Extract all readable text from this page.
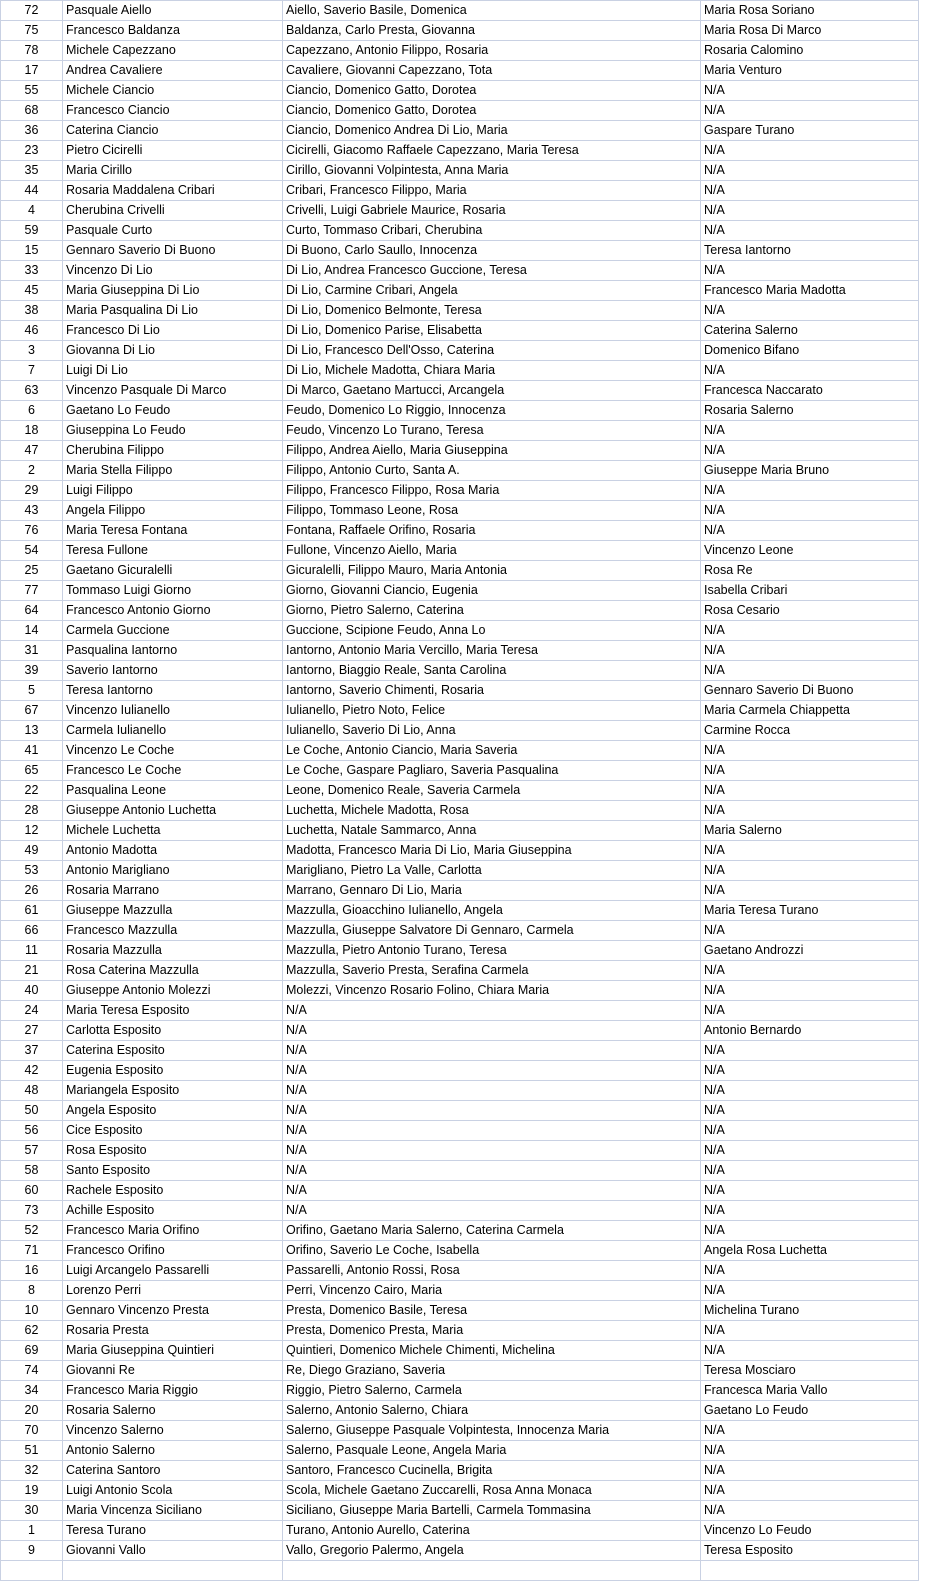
72	Pasquale Aiello	Aiello, Saverio Basile, Domenica	Maria Rosa Soriano
75	Francesco Baldanza	Baldanza, Carlo Presta, Giovanna	Maria Rosa Di Marco
78	Michele Capezzano	Capezzano, Antonio Filippo, Rosaria	Rosaria Calomino
17	Andrea Cavaliere	Cavaliere, Giovanni Capezzano, Tota	Maria Venturo
55	Michele Ciancio	Ciancio, Domenico Gatto, Dorotea	N/A
68	Francesco Ciancio	Ciancio, Domenico Gatto, Dorotea	N/A
36	Caterina Ciancio	Ciancio, Domenico Andrea Di Lio, Maria	Gaspare Turano
23	Pietro Cicirelli	Cicirelli, Giacomo Raffaele Capezzano, Maria Teresa	N/A
35	Maria Cirillo	Cirillo, Giovanni Volpintesta, Anna Maria	N/A
44	Rosaria Maddalena Cribari	Cribari, Francesco Filippo, Maria	N/A
4	Cherubina Crivelli	Crivelli, Luigi Gabriele Maurice, Rosaria	N/A
59	Pasquale Curto	Curto, Tommaso Cribari, Cherubina	N/A
15	Gennaro Saverio Di Buono	Di Buono, Carlo Saullo, Innocenza	Teresa Iantorno
33	Vincenzo Di Lio	Di Lio, Andrea Francesco Guccione, Teresa	N/A
45	Maria Giuseppina Di Lio	Di Lio, Carmine Cribari, Angela	Francesco Maria Madotta
38	Maria Pasqualina Di Lio	Di Lio, Domenico Belmonte, Teresa	N/A
46	Francesco Di Lio	Di Lio, Domenico Parise, Elisabetta	Caterina Salerno
3	Giovanna Di Lio	Di Lio, Francesco Dell'Osso, Caterina	Domenico Bifano
7	Luigi Di Lio	Di Lio, Michele Madotta, Chiara Maria	N/A
63	Vincenzo Pasquale Di Marco	Di Marco, Gaetano Martucci, Arcangela	Francesca Naccarato
6	Gaetano Lo Feudo	Feudo, Domenico Lo Riggio, Innocenza	Rosaria Salerno
18	Giuseppina Lo Feudo	Feudo, Vincenzo Lo Turano, Teresa	N/A
47	Cherubina Filippo	Filippo, Andrea Aiello, Maria Giuseppina	N/A
2	Maria Stella Filippo	Filippo, Antonio Curto, Santa A.	Giuseppe Maria Bruno
29	Luigi Filippo	Filippo, Francesco Filippo, Rosa Maria	N/A
43	Angela Filippo	Filippo, Tommaso Leone, Rosa	N/A
76	Maria Teresa Fontana	Fontana, Raffaele Orifino, Rosaria	N/A
54	Teresa Fullone	Fullone, Vincenzo Aiello, Maria	Vincenzo Leone
25	Gaetano Gicuralelli	Gicuralelli, Filippo Mauro, Maria Antonia	Rosa Re
77	Tommaso Luigi Giorno	Giorno, Giovanni Ciancio, Eugenia	Isabella Cribari
64	Francesco Antonio Giorno	Giorno, Pietro Salerno, Caterina	Rosa Cesario
14	Carmela Guccione	Guccione, Scipione Feudo, Anna Lo	N/A
31	Pasqualina Iantorno	Iantorno, Antonio Maria Vercillo, Maria Teresa	N/A
39	Saverio Iantorno	Iantorno, Biaggio Reale, Santa Carolina	N/A
5	Teresa Iantorno	Iantorno, Saverio Chimenti, Rosaria	Gennaro Saverio Di Buono
67	Vincenzo Iulianello	Iulianello, Pietro Noto, Felice	Maria Carmela Chiappetta
13	Carmela Iulianello	Iulianello, Saverio Di Lio, Anna	Carmine Rocca
41	Vincenzo Le Coche	Le Coche, Antonio Ciancio, Maria Saveria	N/A
65	Francesco Le Coche	Le Coche, Gaspare Pagliaro, Saveria Pasqualina	N/A
22	Pasqualina Leone	Leone, Domenico Reale, Saveria Carmela	N/A
28	Giuseppe Antonio Luchetta	Luchetta, Michele Madotta, Rosa	N/A
12	Michele Luchetta	Luchetta, Natale Sammarco, Anna	Maria Salerno
49	Antonio Madotta	Madotta, Francesco Maria Di Lio, Maria Giuseppina	N/A
53	Antonio Marigliano	Marigliano, Pietro La Valle, Carlotta	N/A
26	Rosaria Marrano	Marrano, Gennaro Di Lio, Maria	N/A
61	Giuseppe Mazzulla	Mazzulla, Gioacchino Iulianello, Angela	Maria Teresa Turano
66	Francesco Mazzulla	Mazzulla, Giuseppe Salvatore Di Gennaro, Carmela	N/A
11	Rosaria Mazzulla	Mazzulla, Pietro Antonio Turano, Teresa	Gaetano Androzzi
21	Rosa Caterina Mazzulla	Mazzulla, Saverio Presta, Serafina Carmela	N/A
40	Giuseppe Antonio Molezzi	Molezzi, Vincenzo Rosario Folino, Chiara Maria	N/A
24	Maria Teresa Esposito	N/A	N/A
27	Carlotta Esposito	N/A	Antonio Bernardo
37	Caterina Esposito	N/A	N/A
42	Eugenia Esposito	N/A	N/A
48	Mariangela Esposito	N/A	N/A
50	Angela Esposito	N/A	N/A
56	Cice Esposito	N/A	N/A
57	Rosa Esposito	N/A	N/A
58	Santo Esposito	N/A	N/A
60	Rachele Esposito	N/A	N/A
73	Achille Esposito	N/A	N/A
52	Francesco Maria Orifino	Orifino, Gaetano Maria Salerno, Caterina Carmela	N/A
71	Francesco Orifino	Orifino, Saverio Le Coche, Isabella	Angela Rosa Luchetta
16	Luigi Arcangelo Passarelli	Passarelli, Antonio Rossi, Rosa	N/A
8	Lorenzo Perri	Perri, Vincenzo Cairo, Maria	N/A
10	Gennaro Vincenzo Presta	Presta, Domenico Basile, Teresa	Michelina Turano
62	Rosaria Presta	Presta, Domenico Presta, Maria	N/A
69	Maria Giuseppina Quintieri	Quintieri, Domenico Michele Chimenti, Michelina	N/A
74	Giovanni Re	Re, Diego Graziano, Saveria	Teresa Mosciaro
34	Francesco Maria Riggio	Riggio, Pietro Salerno, Carmela	Francesca Maria Vallo
20	Rosaria Salerno	Salerno, Antonio Salerno, Chiara	Gaetano Lo Feudo
70	Vincenzo Salerno	Salerno, Giuseppe Pasquale Volpintesta, Innocenza Maria	N/A
51	Antonio Salerno	Salerno, Pasquale Leone, Angela Maria	N/A
32	Caterina Santoro	Santoro, Francesco Cucinella, Brigita	N/A
19	Luigi Antonio Scola	Scola, Michele Gaetano Zuccarelli, Rosa Anna Monaca	N/A
30	Maria Vincenza Siciliano	Siciliano, Giuseppe Maria Bartelli, Carmela Tommasina	N/A
1	Teresa Turano	Turano, Antonio Aurello, Caterina	Vincenzo Lo Feudo
9	Giovanni Vallo	Vallo, Gregorio Palermo, Angela	Teresa Esposito
